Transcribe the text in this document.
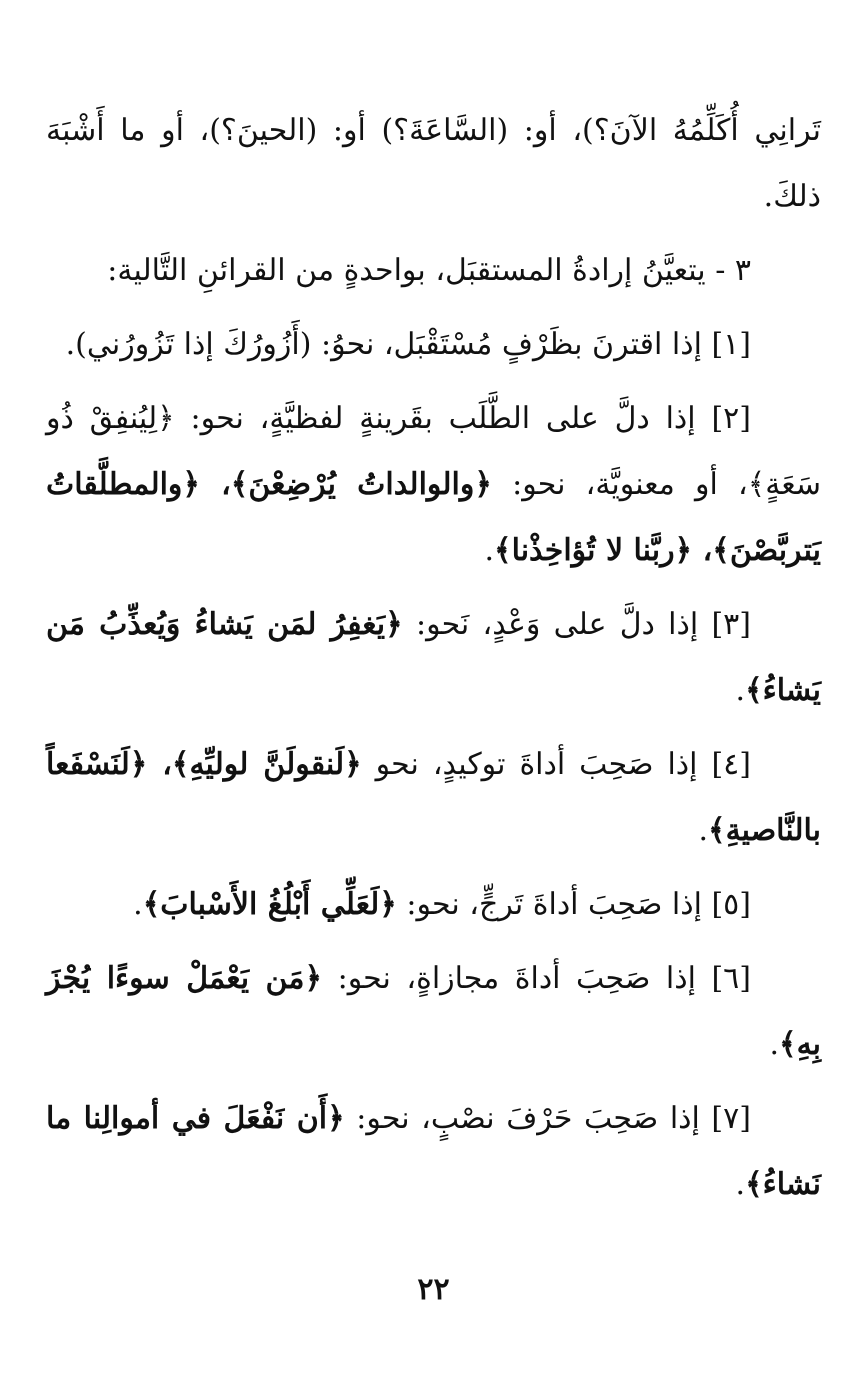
تَرانِي أُكَلِّمُهُ الآنَ؟)، أو: (السَّاعَةَ؟) أو: (الحينَ؟)، أو ما أَشْبَهَ ذلكَ.

٣ - يتعيَّنُ إرادةُ المستقبَل، بواحدةٍ من القرائنِ التَّالية:

[١] إذا اقترنَ بظَرْفٍ مُسْتَقْبَل، نحوُ: (أَزُورُكَ إذا تَزُورُني).

[٢] إذا دلَّ على الطَّلَب بقَرينةٍ لفظيَّةٍ، نحو: ﴿لِيُنفِقْ ذُو سَعَةٍ﴾، أو معنويَّة، نحو: ﴿والوالداتُ يُرْضِعْنَ﴾، ﴿والمطلَّقاتُ يَتربَّصْنَ﴾، ﴿ربَّنا لا تُؤاخِذْنا﴾.

[٣] إذا دلَّ على وَعْدٍ، نَحو: ﴿يَغفِرُ لمَن يَشاءُ وَيُعذِّبُ مَن يَشاءُ﴾.

[٤] إذا صَحِبَ أداةَ توكيدٍ، نحو ﴿لَنقولَنَّ لوليِّهِ﴾، ﴿لَنَسْفَعاً بالنَّاصيةِ﴾.

[٥] إذا صَحِبَ أداةَ تَرجٍّ، نحو: ﴿لَعَلِّي أَبْلُغُ الأَسْبابَ﴾.

[٦] إذا صَحِبَ أداةَ مجازاةٍ، نحو: ﴿مَن يَعْمَلْ سوءًا يُجْزَ بِهِ﴾.

[٧] إذا صَحِبَ حَرْفَ نصْبٍ، نحو: ﴿أَن نَفْعَلَ في أموالِنا ما نَشاءُ﴾.

٢٢
